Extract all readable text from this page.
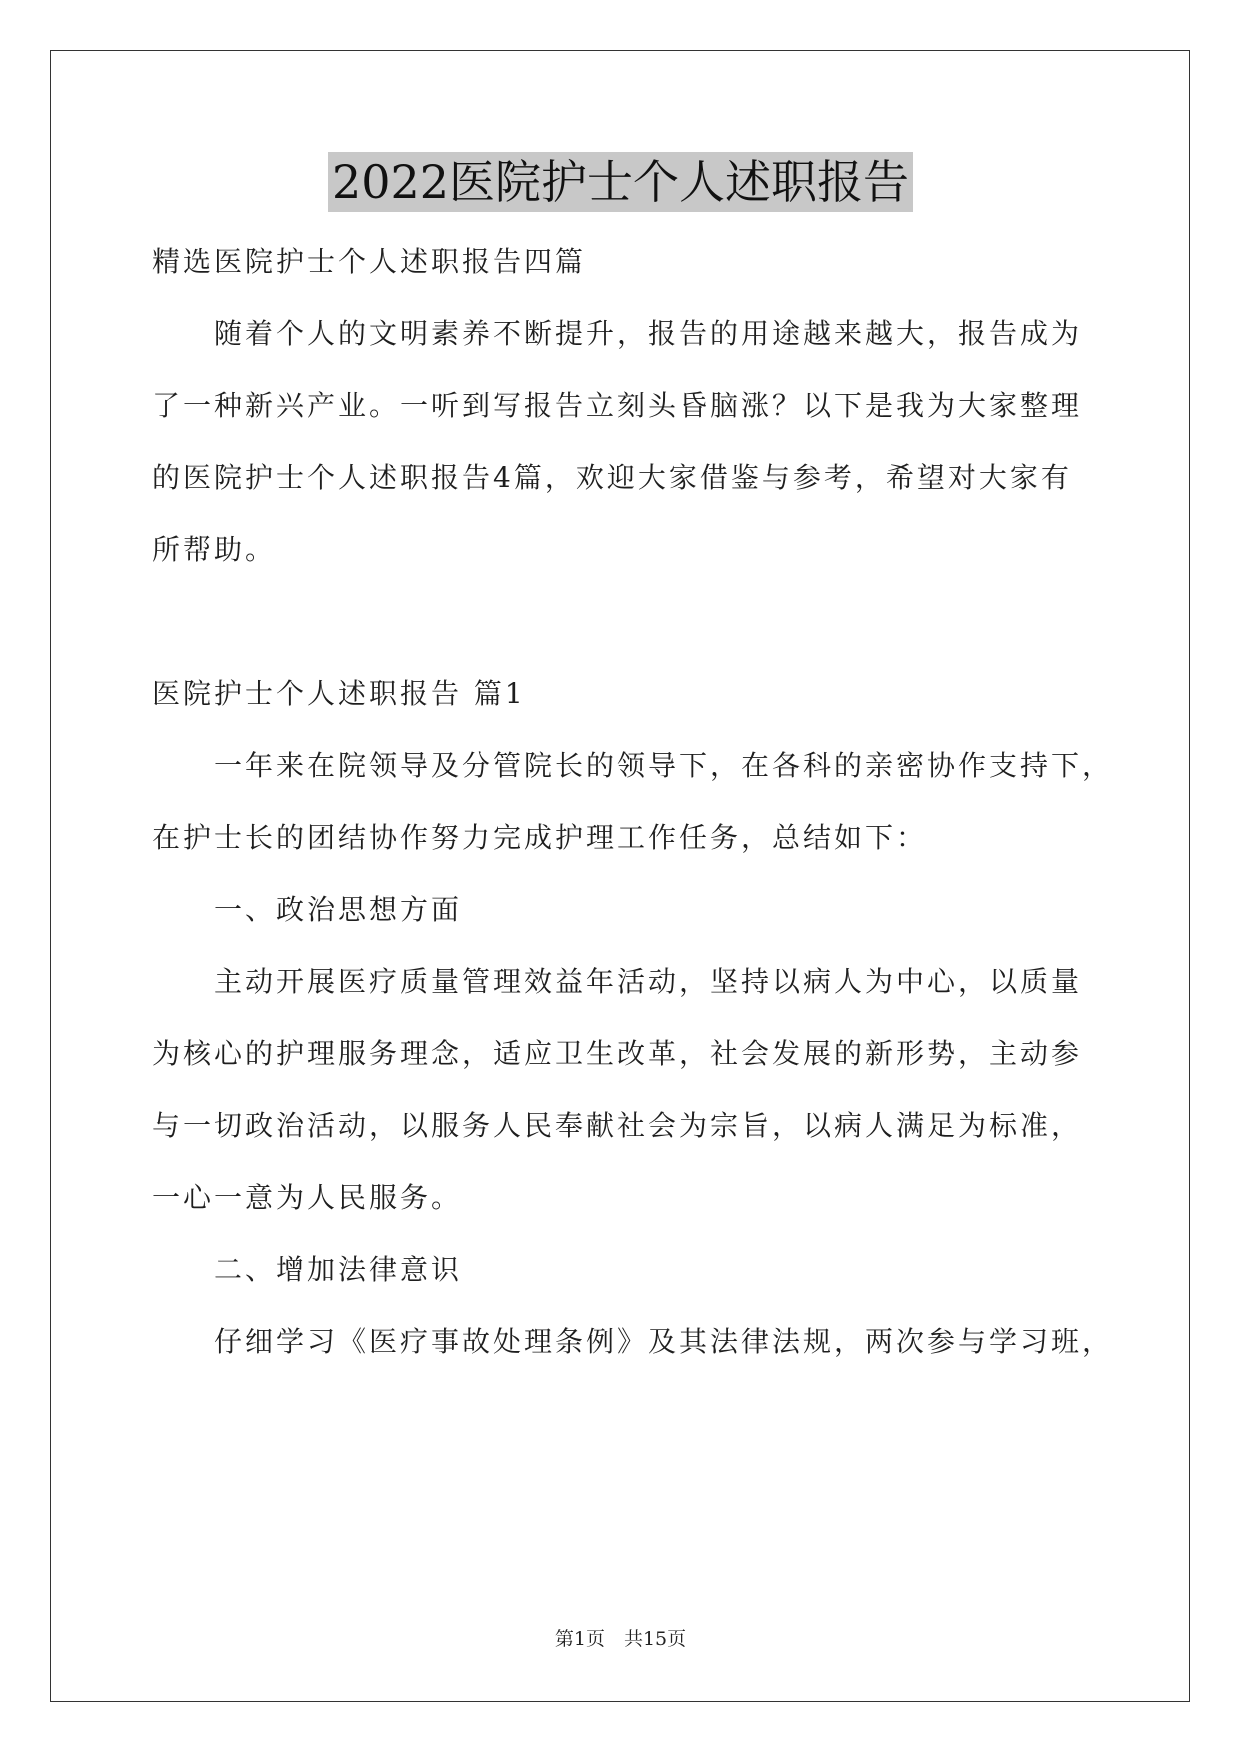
2022医院护士个人述职报告
精选医院护士个人述职报告四篇
随着个人的文明素养不断提升，报告的用途越来越大，报告成为
了一种新兴产业。一听到写报告立刻头昏脑涨？以下是我为大家整理
的医院护士个人述职报告4篇，欢迎大家借鉴与参考，希望对大家有
所帮助。
医院护士个人述职报告 篇1
一年来在院领导及分管院长的领导下，在各科的亲密协作支持下，
在护士长的团结协作努力完成护理工作任务，总结如下：
一、政治思想方面
主动开展医疗质量管理效益年活动，坚持以病人为中心，以质量
为核心的护理服务理念，适应卫生改革，社会发展的新形势，主动参
与一切政治活动，以服务人民奉献社会为宗旨，以病人满足为标准，
一心一意为人民服务。
二、增加法律意识
仔细学习《医疗事故处理条例》及其法律法规，两次参与学习班，
第1页　共15页
